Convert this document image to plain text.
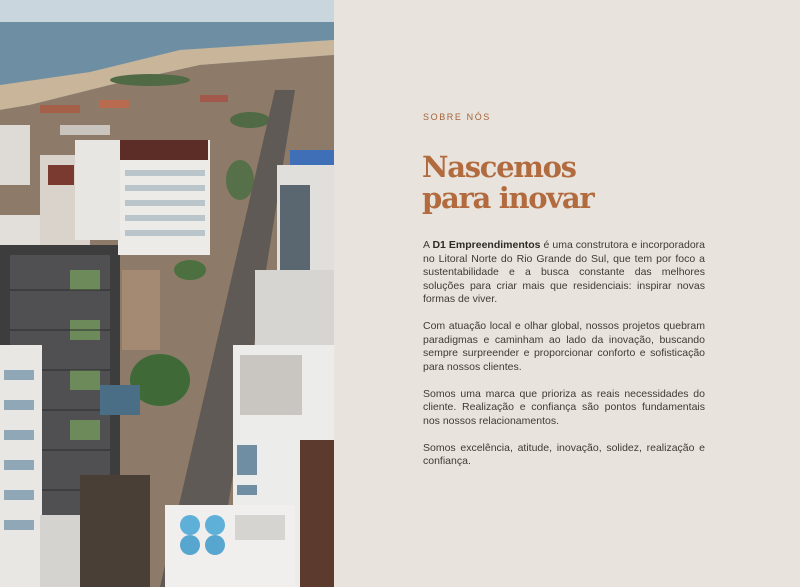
SOBRE NÓS
Nascemos
para inovar

A D1 Empreendimentos é uma construtora e incorporadora no Litoral Norte do Rio Grande do Sul, que tem por foco a sustentabilidade e a busca constante das melhores soluções para criar mais que residenciais: inspirar novas formas de viver.

Com atuação local e olhar global, nossos projetos quebram paradigmas e caminham ao lado da inovação, buscando sempre surpreender e proporcionar conforto e sofisticação para nossos clientes.

Somos uma marca que prioriza as reais necessidades do cliente. Realização e confiança são pontos fundamentais nos nossos relacionamentos.

Somos excelência, atitude, inovação, solidez, realização e confiança.
